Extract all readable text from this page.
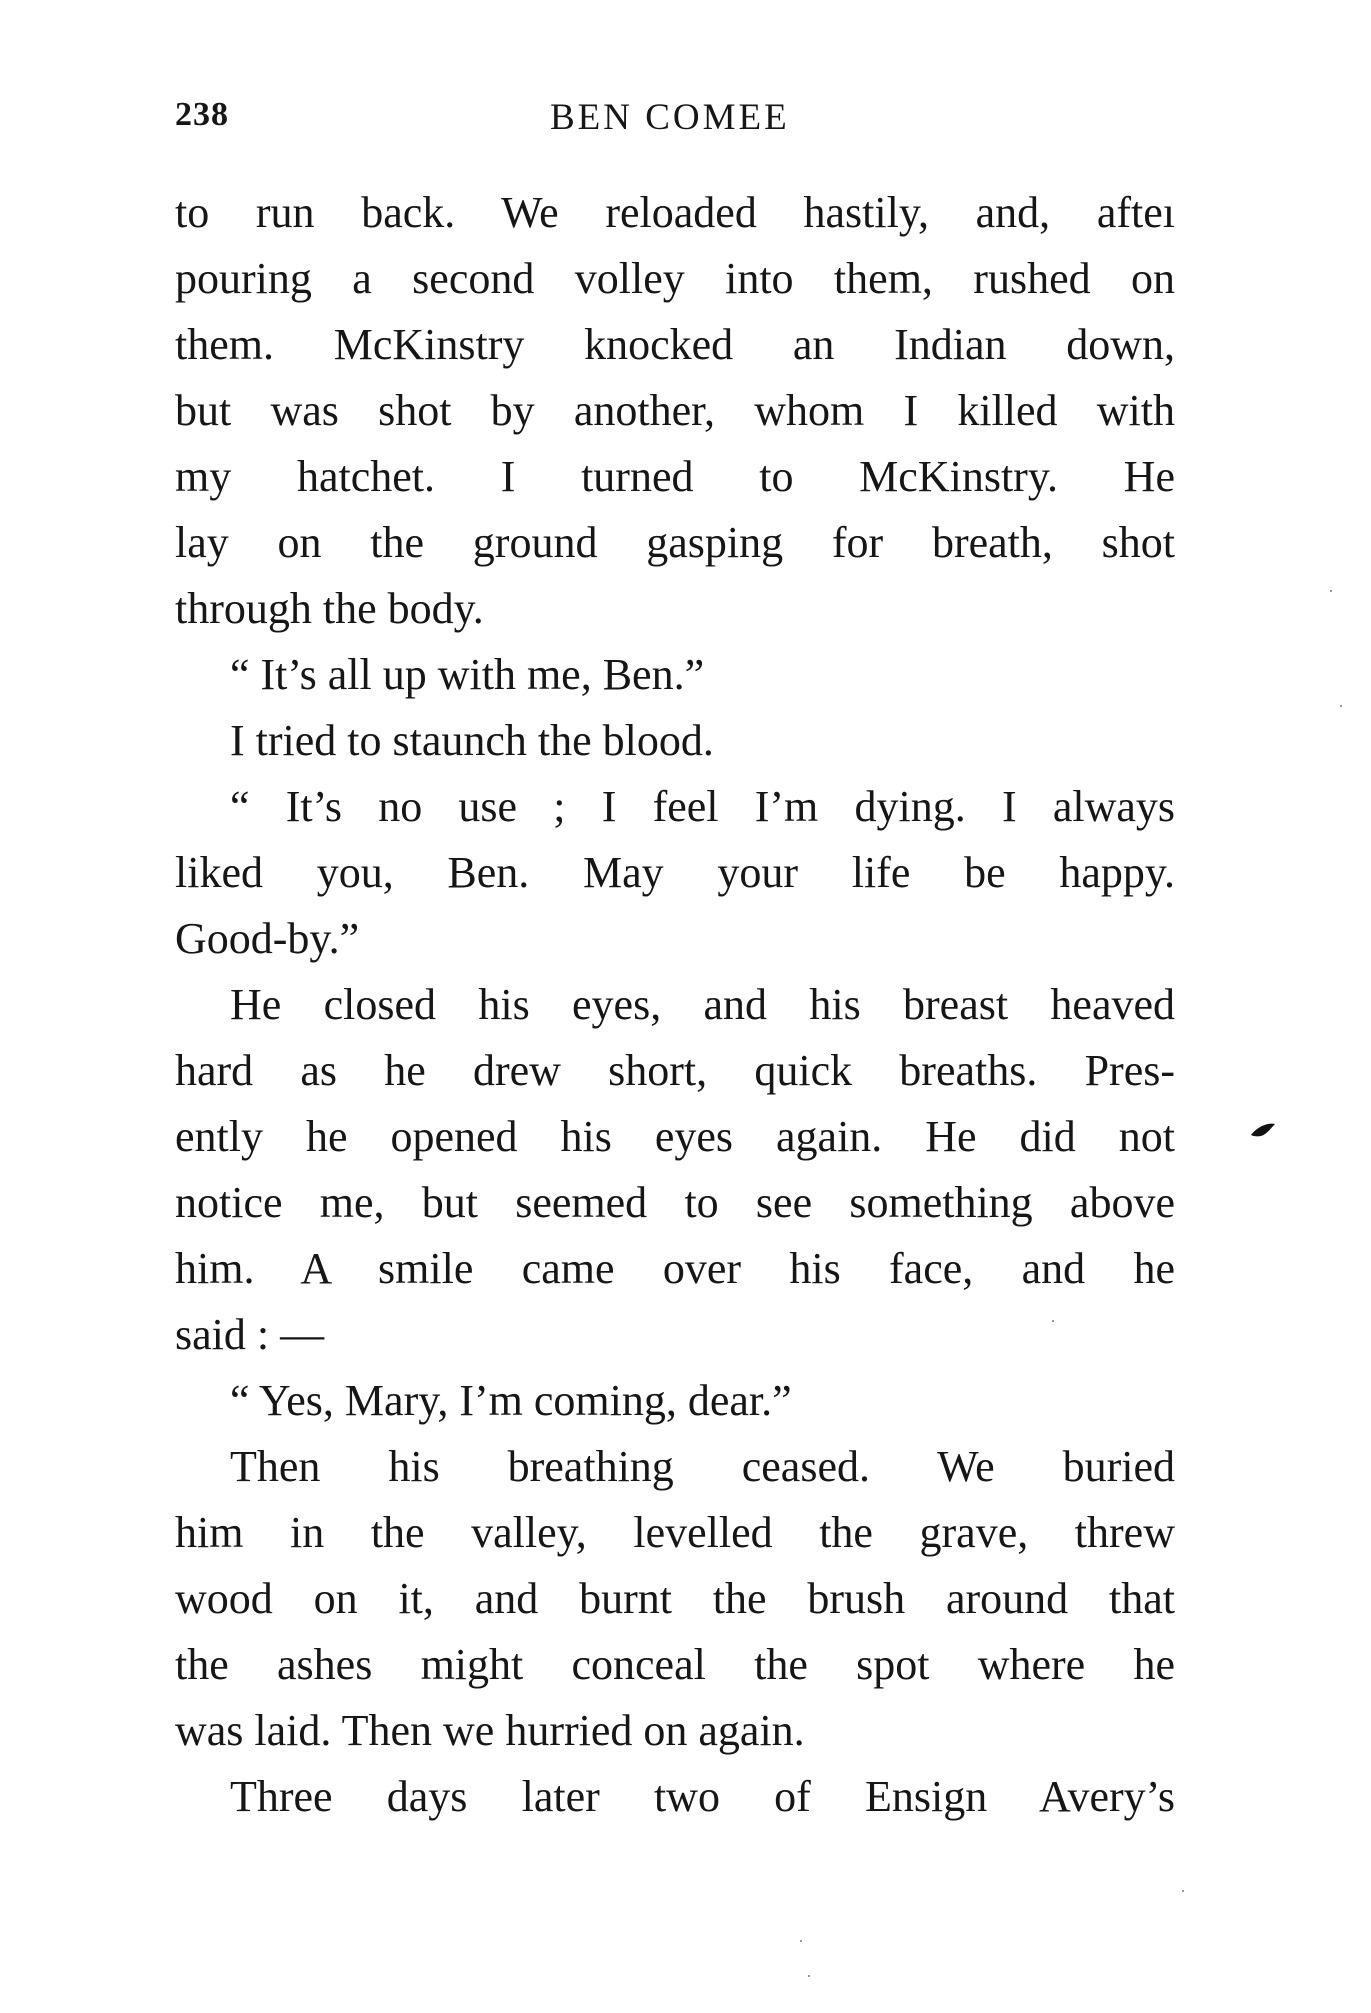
238	BEN COMEE
to run back. We reloaded hastily, and, afteı
pouring a second volley into them, rushed on
them. McKinstry knocked an Indian down,
but was shot by another, whom I killed with
my hatchet. I turned to McKinstry. He
lay on the ground gasping for breath, shot
through the body.
“ It’s all up with me, Ben.”
I tried to staunch the blood.
“ It’s no use ; I feel I’m dying. I always
liked you, Ben. May your life be happy.
Good-by.”
He closed his eyes, and his breast heaved
hard as he drew short, quick breaths. Pres-
ently he opened his eyes again. He did not
notice me, but seemed to see something above
him. A smile came over his face, and he
said : —
“ Yes, Mary, I’m coming, dear.”
Then his breathing ceased. We buried
him in the valley, levelled the grave, threw
wood on it, and burnt the brush around that
the ashes might conceal the spot where he
was laid. Then we hurried on again.
Three days later two of Ensign Avery’s
